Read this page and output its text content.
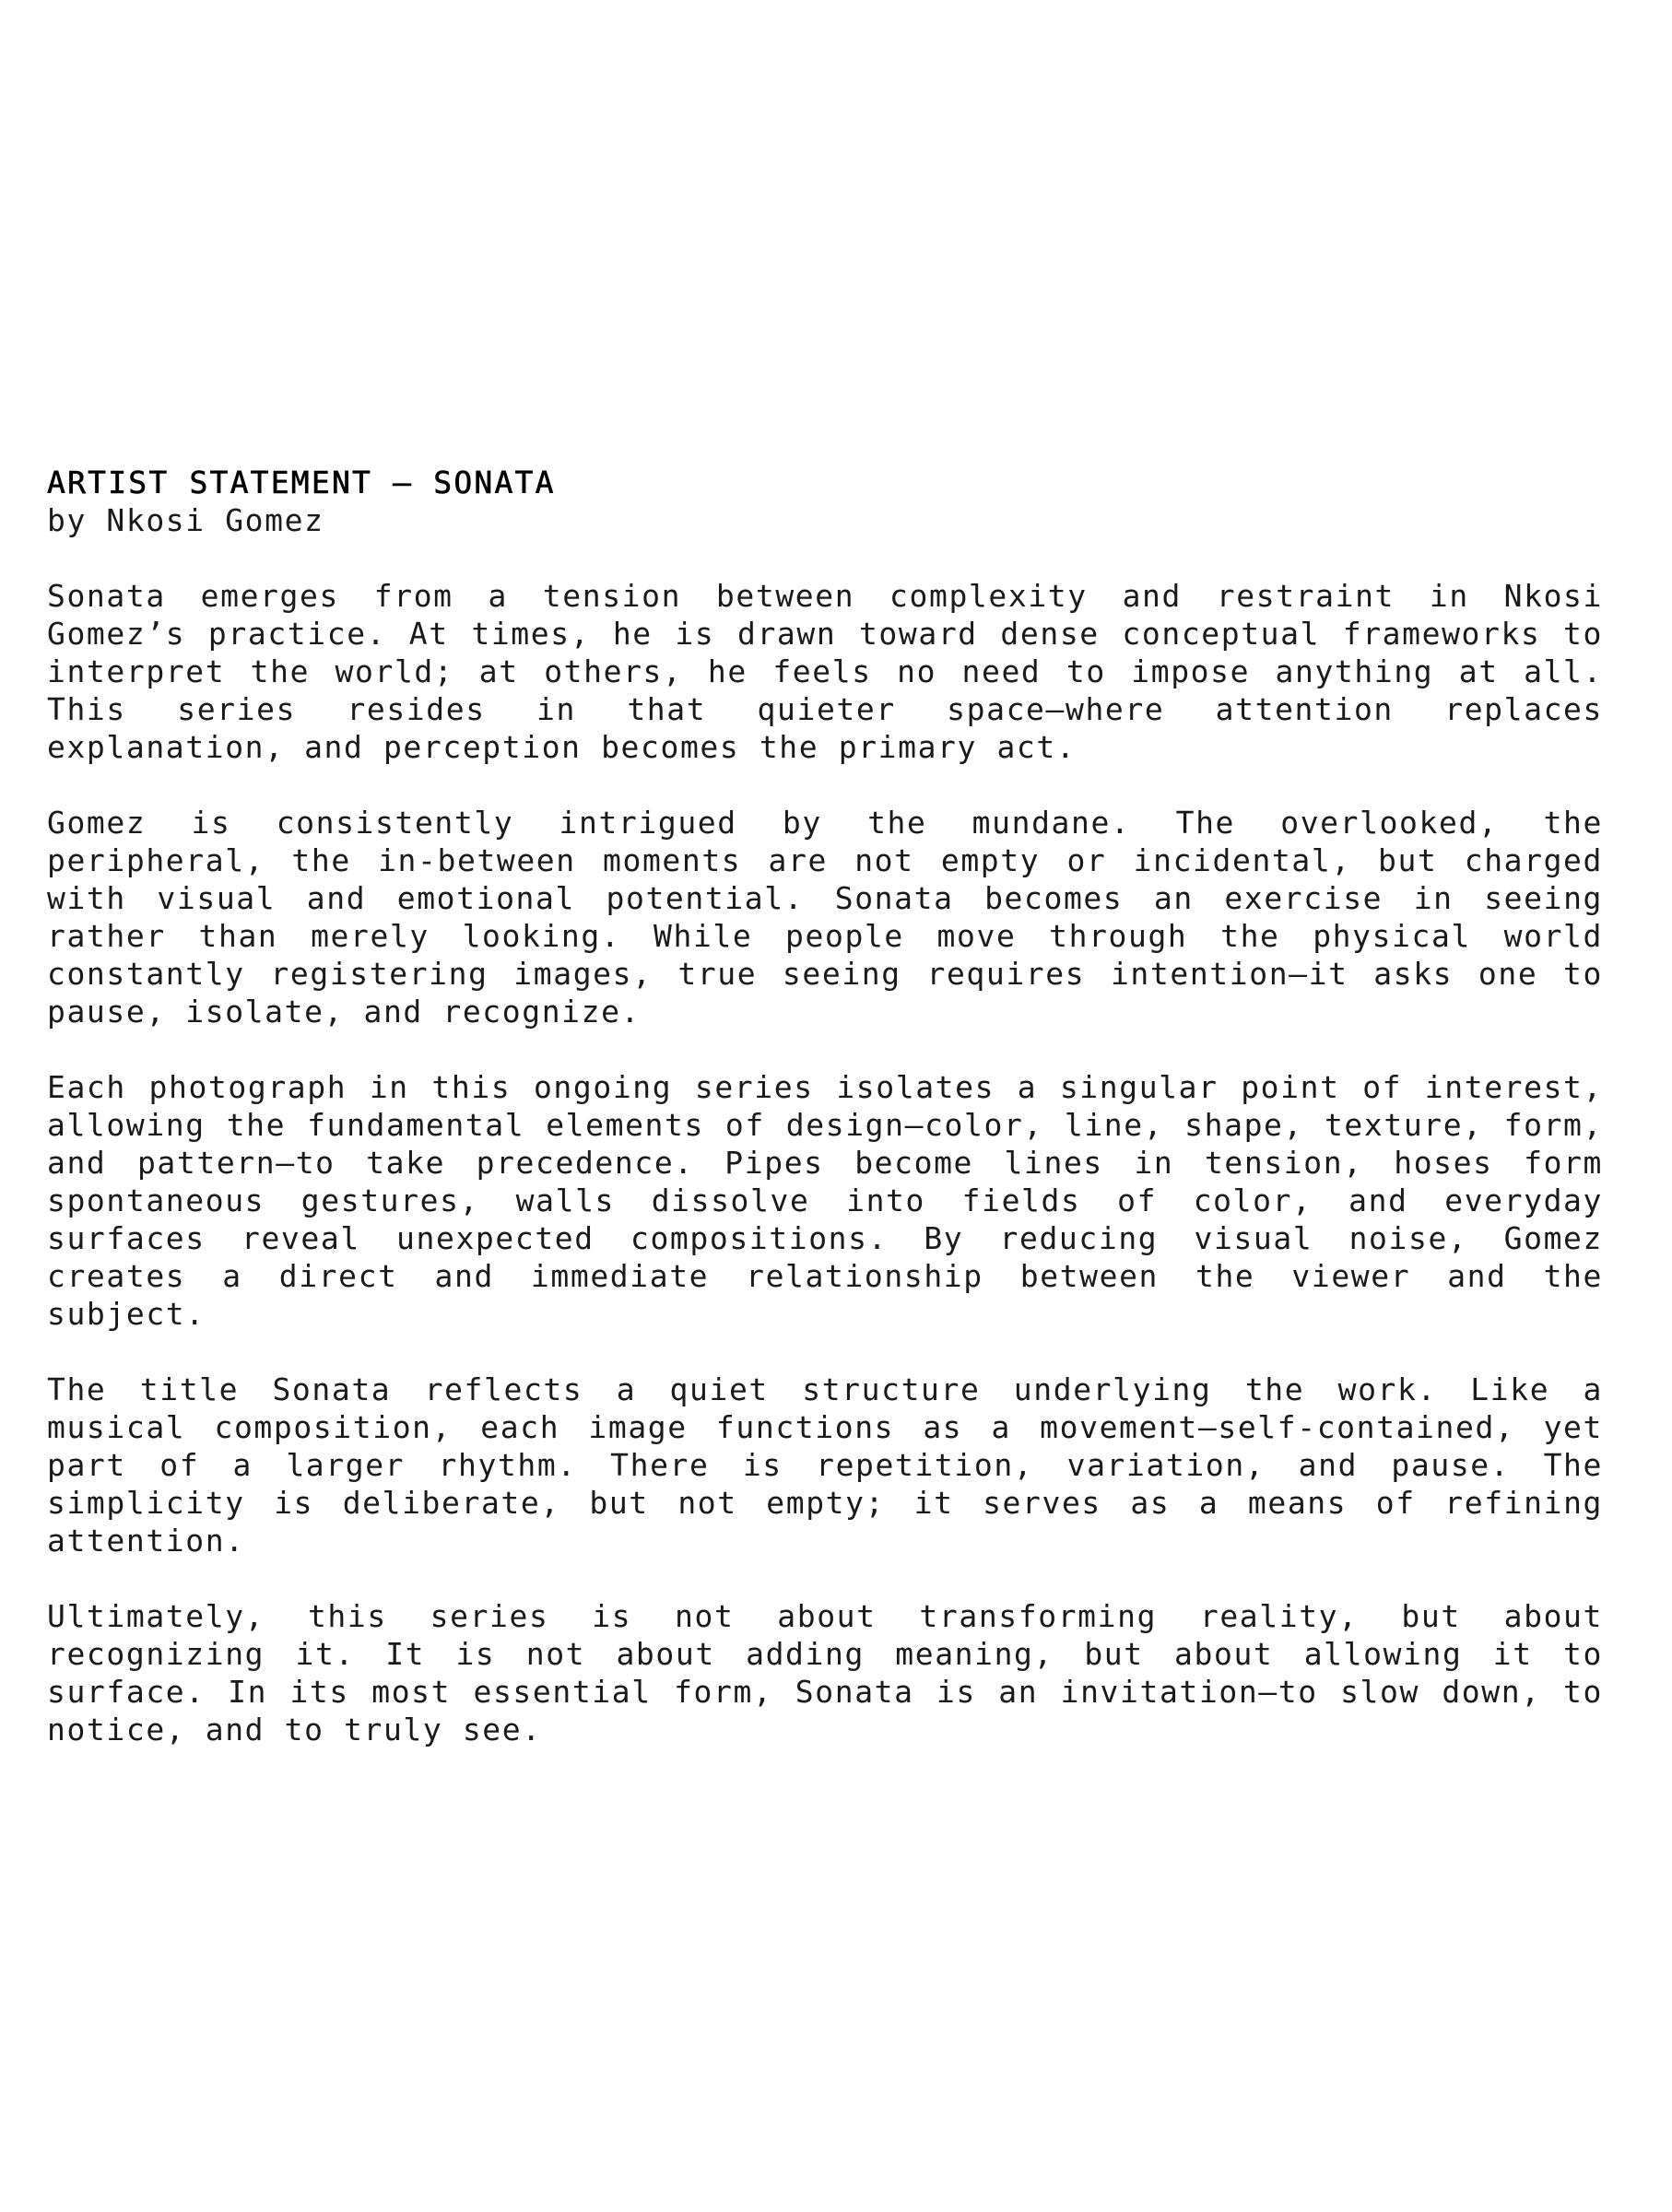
ARTIST STATEMENT — SONATA

by Nkosi Gomez

Sonata emerges from a tension between complexity and restraint in Nkosi Gomez’s practice. At times, he is drawn toward dense conceptual frameworks to interpret the world; at others, he feels no need to impose anything at all. This series resides in that quieter space—where attention replaces explanation, and perception becomes the primary act.

Gomez is consistently intrigued by the mundane. The overlooked, the peripheral, the in-between moments are not empty or incidental, but charged with visual and emotional potential. Sonata becomes an exercise in seeing rather than merely looking. While people move through the physical world constantly registering images, true seeing requires intention—it asks one to pause, isolate, and recognize.

Each photograph in this ongoing series isolates a singular point of interest, allowing the fundamental elements of design—color, line, shape, texture, form, and pattern—to take precedence. Pipes become lines in tension, hoses form spontaneous gestures, walls dissolve into fields of color, and everyday surfaces reveal unexpected compositions. By reducing visual noise, Gomez creates a direct and immediate relationship between the viewer and the subject.

The title Sonata reflects a quiet structure underlying the work. Like a musical composition, each image functions as a movement—self-contained, yet part of a larger rhythm. There is repetition, variation, and pause. The simplicity is deliberate, but not empty; it serves as a means of refining attention.

Ultimately, this series is not about transforming reality, but about recognizing it. It is not about adding meaning, but about allowing it to surface. In its most essential form, Sonata is an invitation—to slow down, to notice, and to truly see.
